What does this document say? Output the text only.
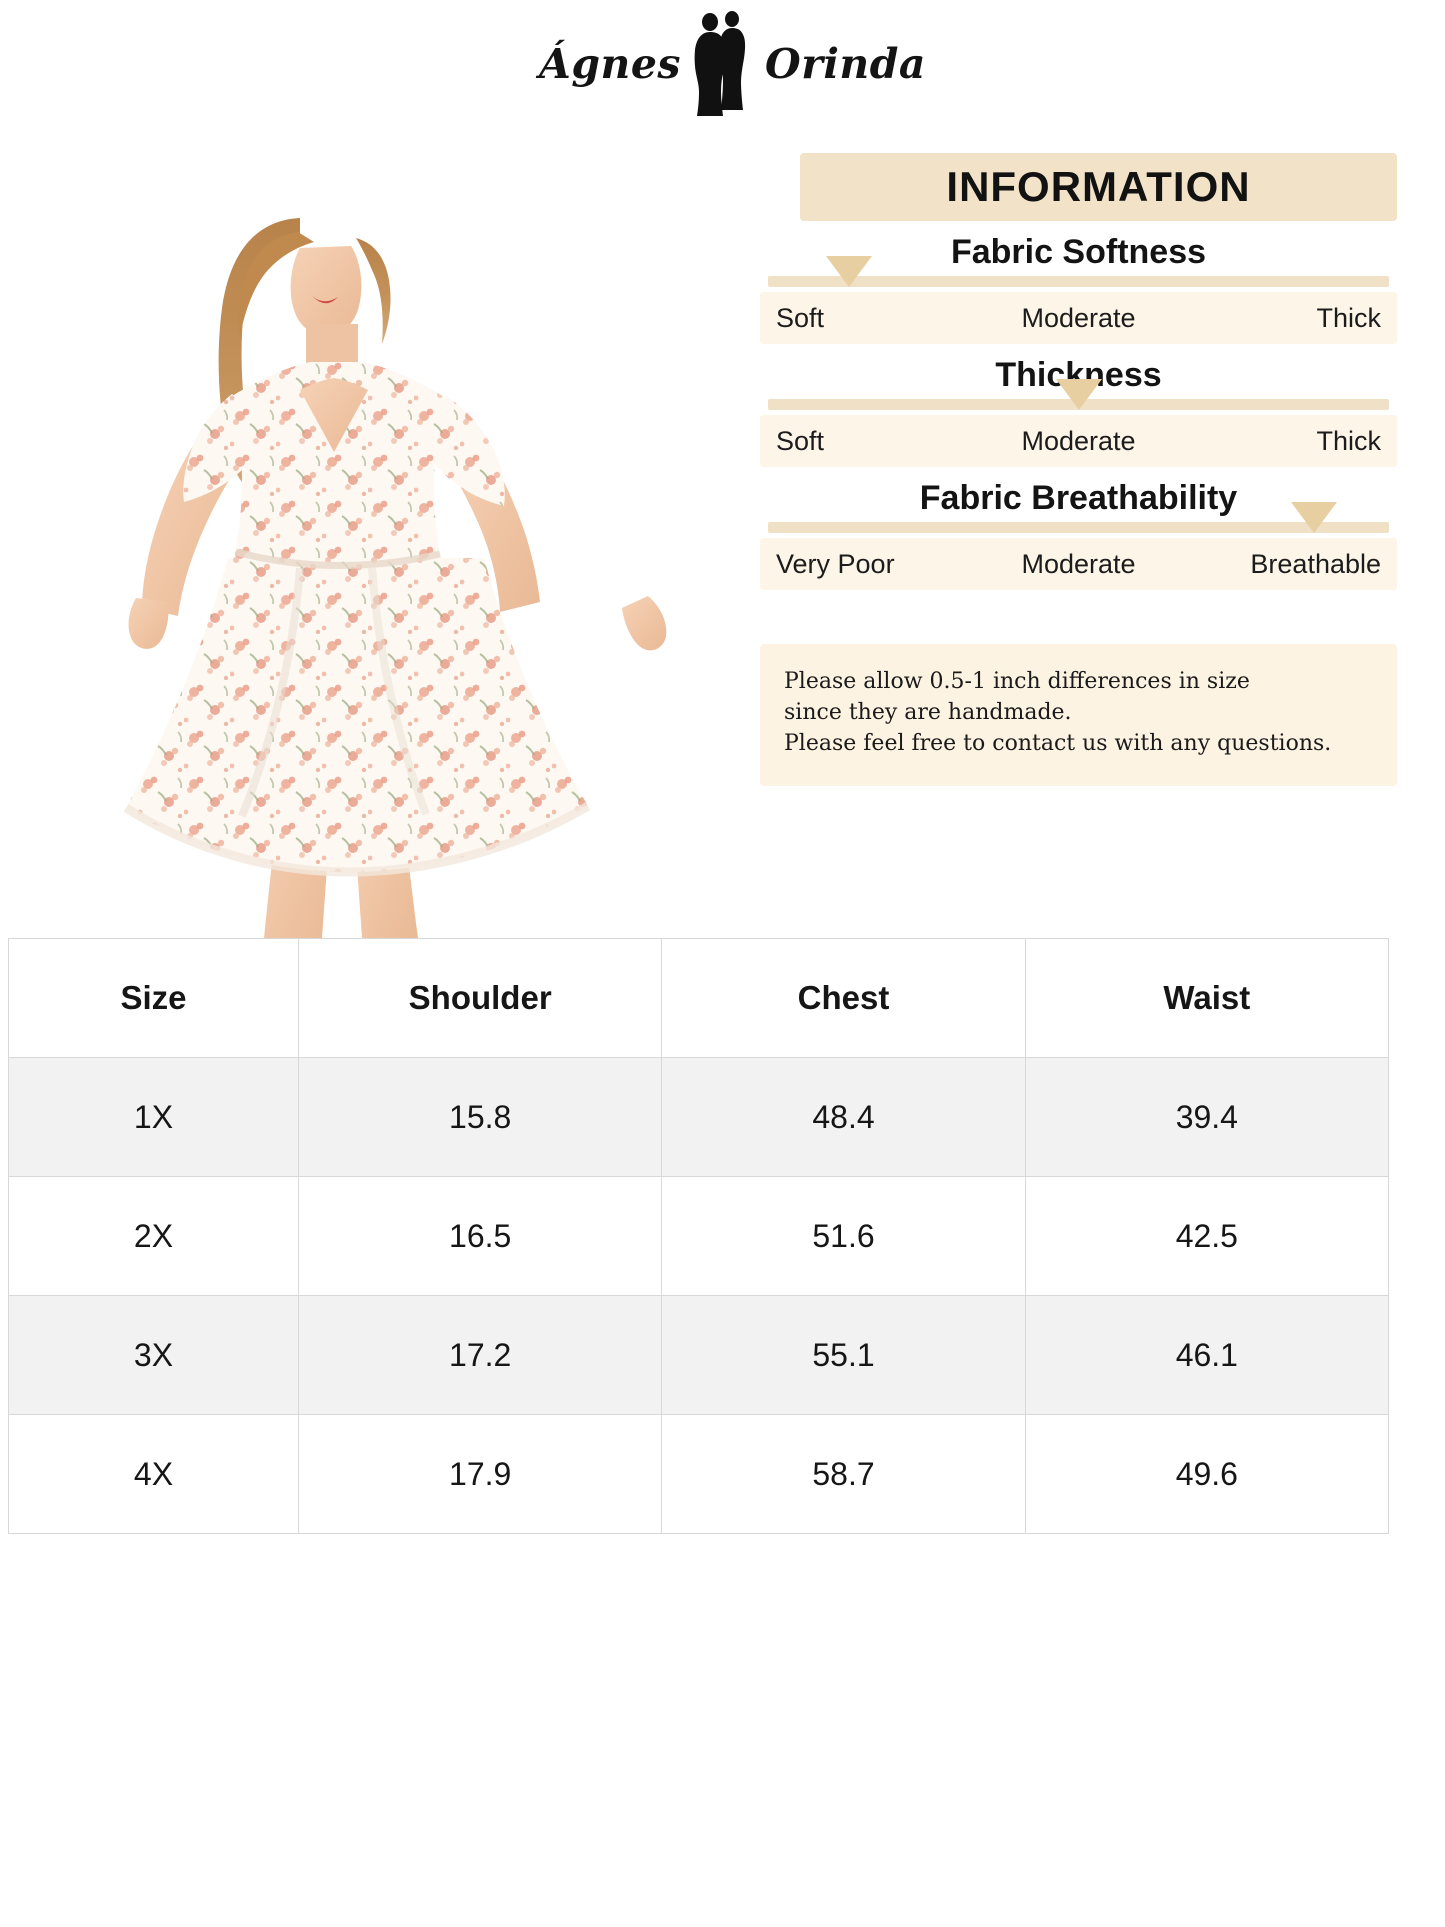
Ágnes Orinda
INFORMATION
Fabric Softness
Soft	Moderate	Thick
Thickness
Soft	Moderate	Thick
Fabric Breathability
Very Poor	Moderate	Breathable

Please allow 0.5-1 inch differences in size

since they are handmade.

Please feel free to contact us with any questions.

Size	Shoulder	Chest	Waist
1X	15.8	48.4	39.4
2X	16.5	51.6	42.5
3X	17.2	55.1	46.1
4X	17.9	58.7	49.6
